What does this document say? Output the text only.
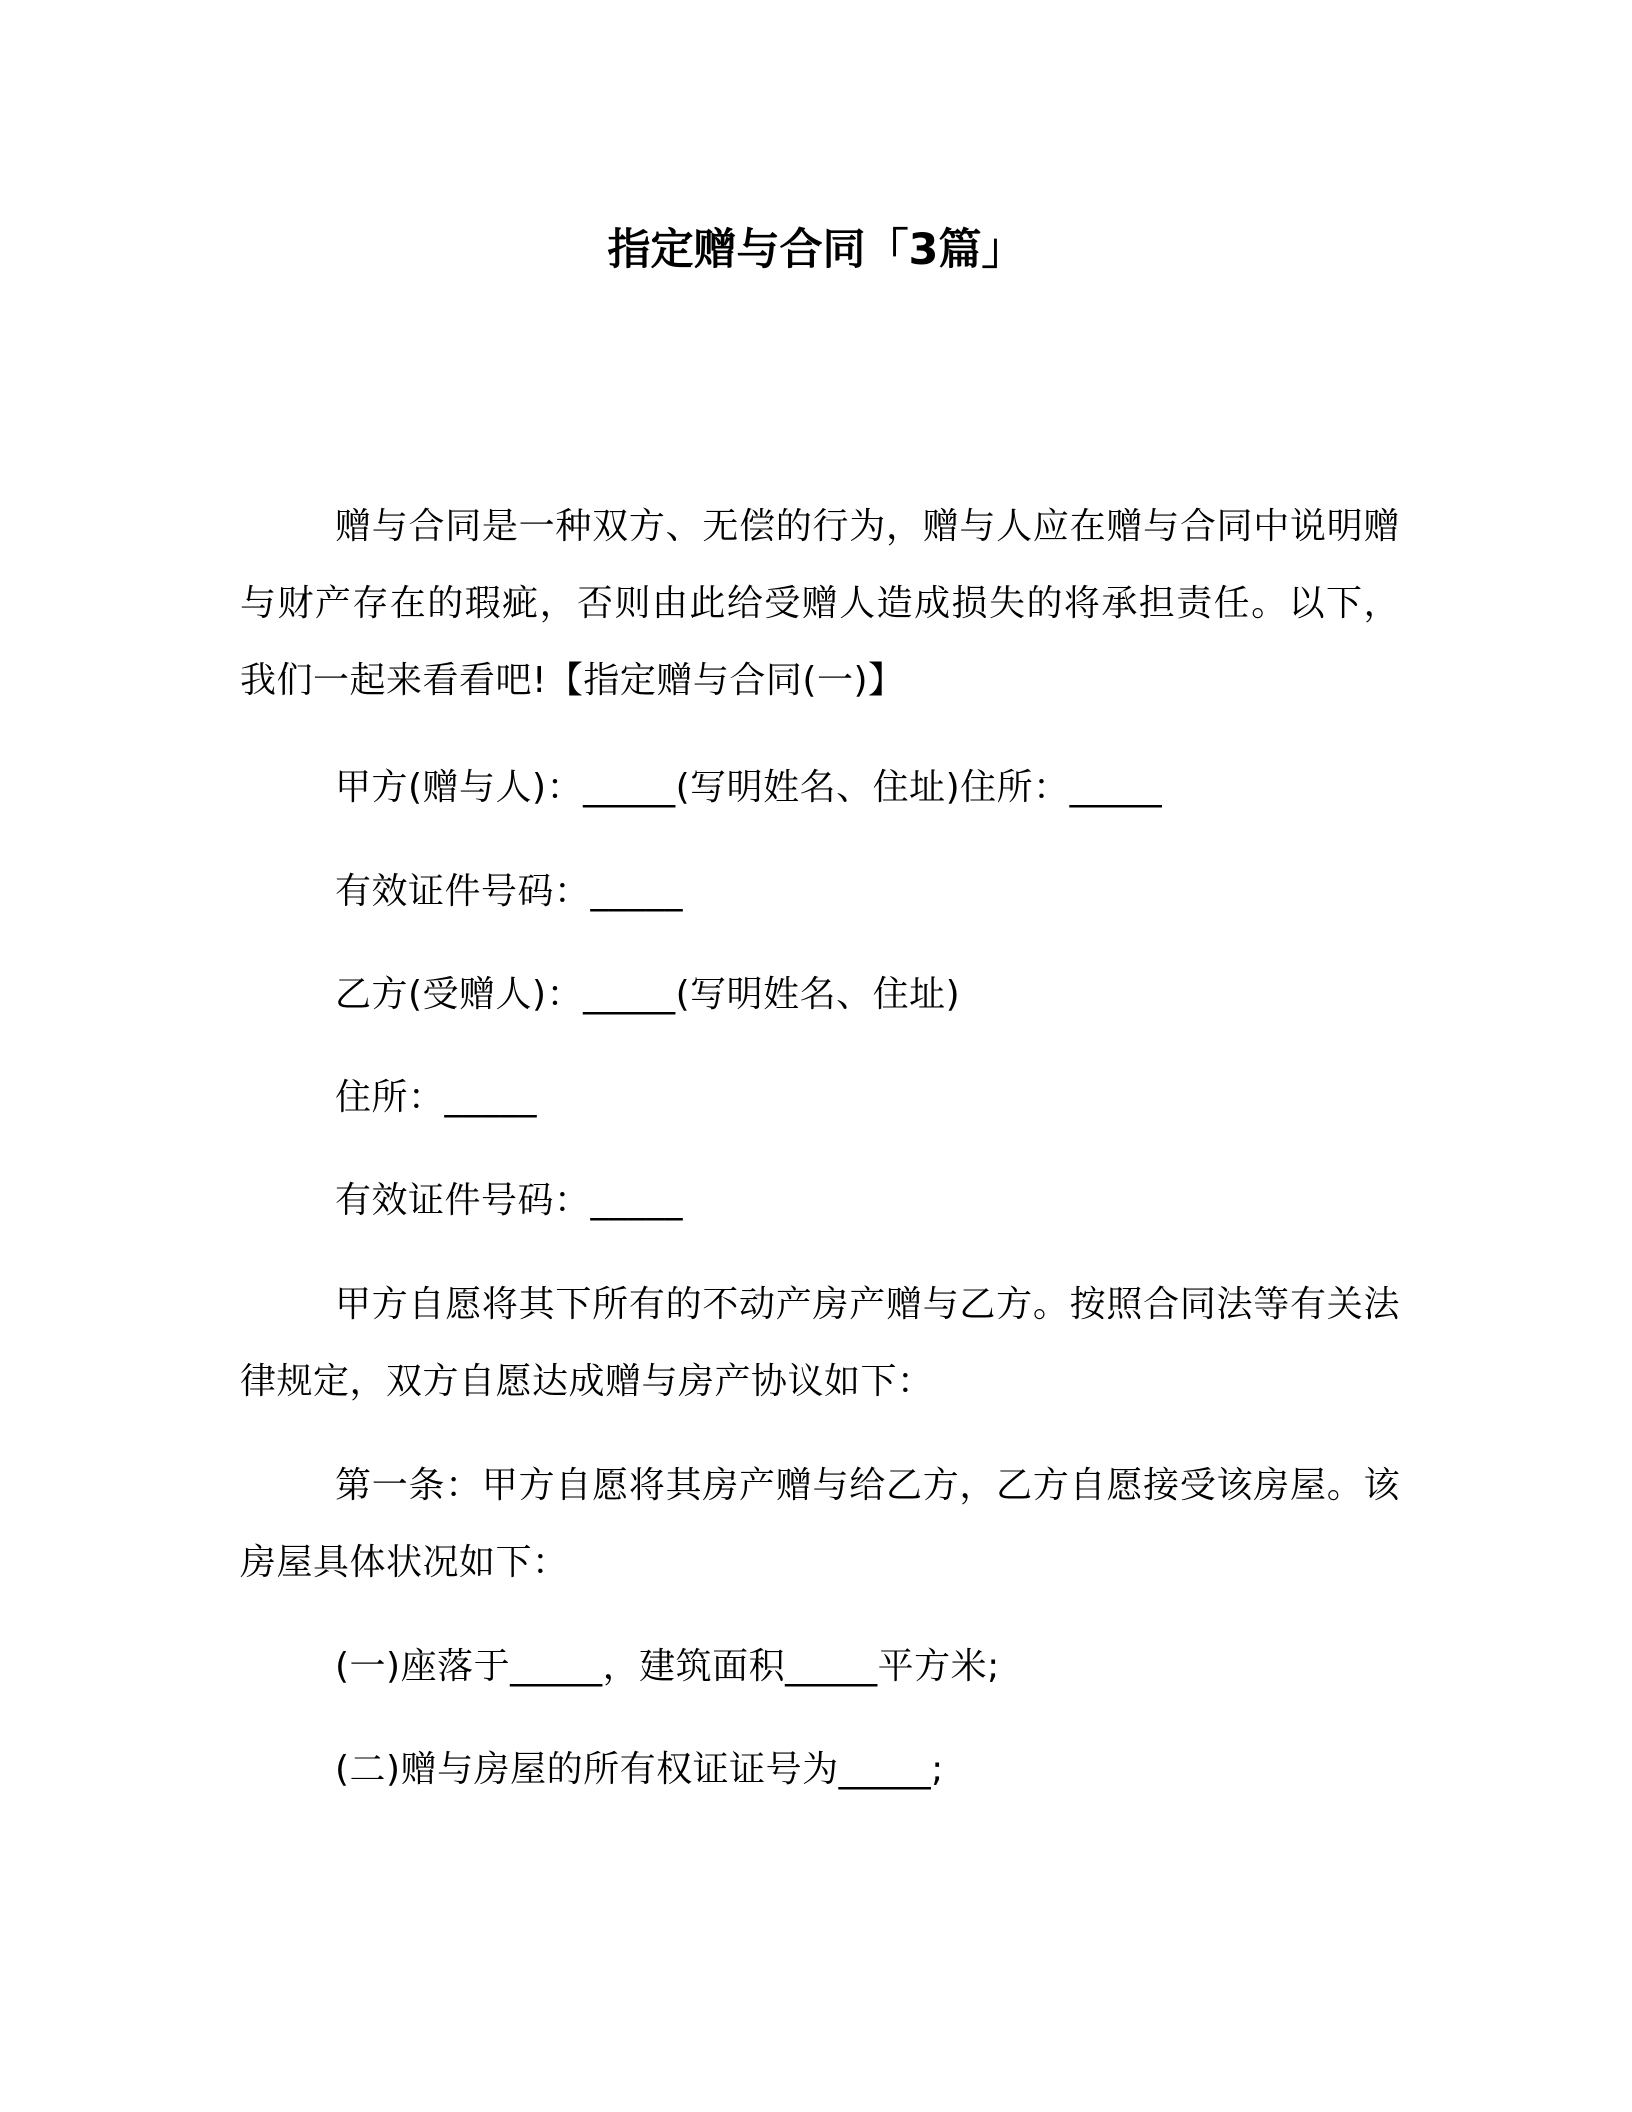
指定赠与合同「3篇」

赠与合同是一种双方、无偿的行为，赠与人应在赠与合同中说明赠与财产存在的瑕疵，否则由此给受赠人造成损失的将承担责任。以下，我们一起来看看吧!【指定赠与合同(一)】

甲方(赠与人)：_____(写明姓名、住址)住所：_____

有效证件号码：_____

乙方(受赠人)：_____(写明姓名、住址)

住所：_____

有效证件号码：_____

甲方自愿将其下所有的不动产房产赠与乙方。按照合同法等有关法律规定，双方自愿达成赠与房产协议如下：

第一条：甲方自愿将其房产赠与给乙方，乙方自愿接受该房屋。该房屋具体状况如下：

(一)座落于_____，建筑面积_____平方米;

(二)赠与房屋的所有权证证号为_____;
